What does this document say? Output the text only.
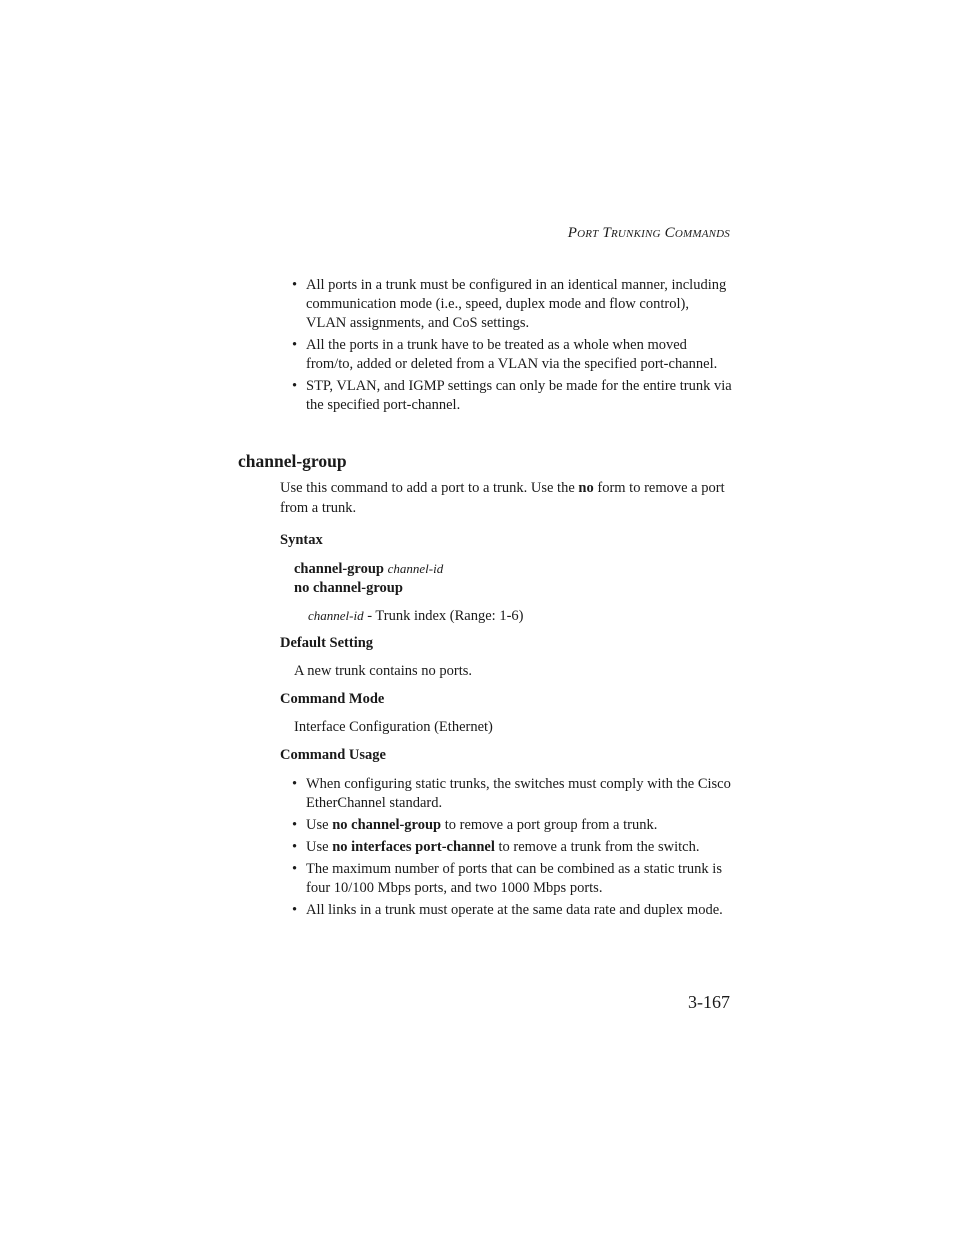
Port Trunking Commands
• All ports in a trunk must be configured in an identical manner, including communication mode (i.e., speed, duplex mode and flow control), VLAN assignments, and CoS settings.
• All the ports in a trunk have to be treated as a whole when moved from/to, added or deleted from a VLAN via the specified port-channel.
• STP, VLAN, and IGMP settings can only be made for the entire trunk via the specified port-channel.
channel-group

Use this command to add a port to a trunk. Use the no form to remove a port from a trunk.

Syntax
channel-group channel-id
no channel-group
channel-id - Trunk index (Range: 1-6)
Default Setting
A new trunk contains no ports.
Command Mode
Interface Configuration (Ethernet)
Command Usage
• When configuring static trunks, the switches must comply with the Cisco EtherChannel standard.
• Use no channel-group to remove a port group from a trunk.
• Use no interfaces port-channel to remove a trunk from the switch.
• The maximum number of ports that can be combined as a static trunk is four 10/100 Mbps ports, and two 1000 Mbps ports.
• All links in a trunk must operate at the same data rate and duplex mode.
3-167
